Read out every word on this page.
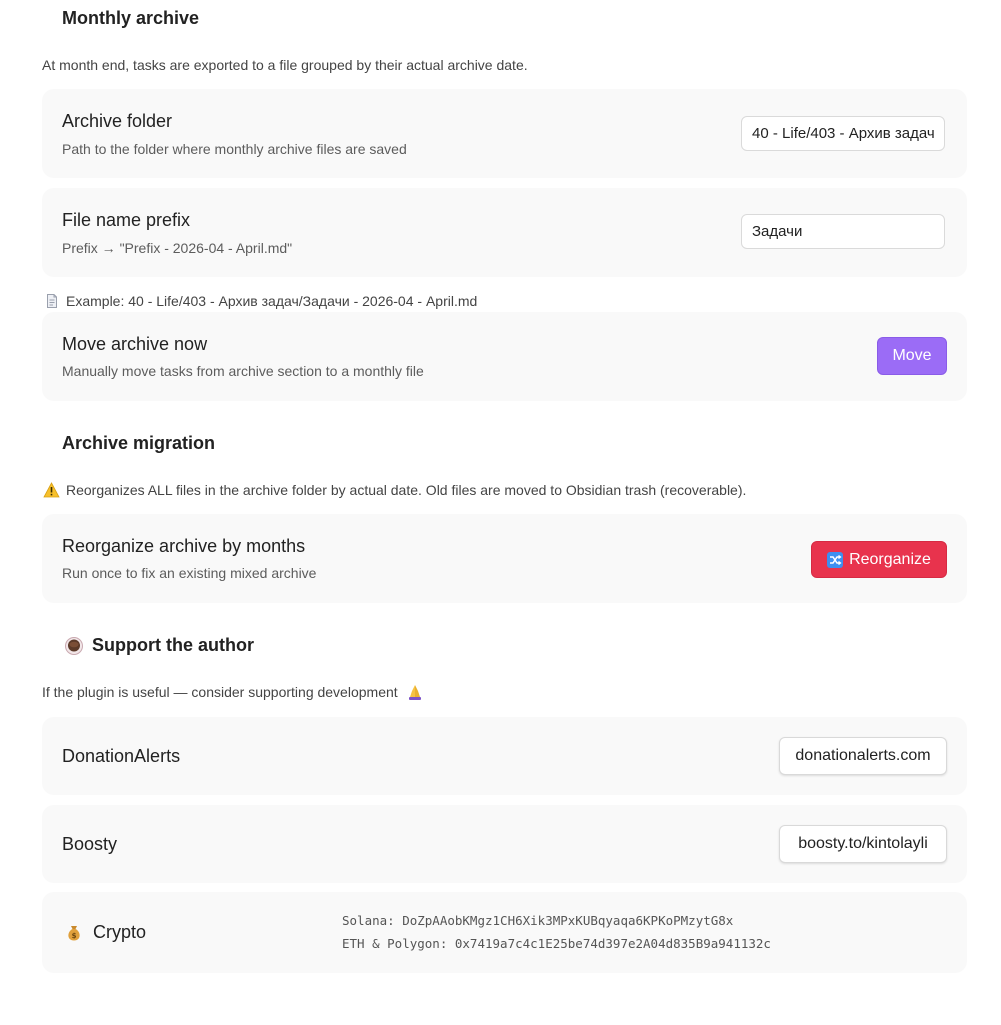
Monthly archive
At month end, tasks are exported to a file grouped by their actual archive date.
Archive folder
Path to the folder where monthly archive files are saved
40 - Life/403 - Архив задач
File name prefix
Prefix → "Prefix - 2026-04 - April.md"
Задачи
Example: 40 - Life/403 - Архив задач/Задачи - 2026-04 - April.md
Move archive now
Manually move tasks from archive section to a monthly file
Move
Archive migration
Reorganizes ALL files in the archive folder by actual date. Old files are moved to Obsidian trash (recoverable).
Reorganize archive by months
Run once to fix an existing mixed archive
Reorganize
Support the author
If the plugin is useful — consider supporting development
DonationAlerts	donationalerts.com
Boosty	boosty.to/kintolayli
$ Crypto
Solana: DoZpAAobKMgz1CH6Xik3MPxKUBqyaqa6KPKoPMzytG8x
ETH & Polygon: 0x7419a7c4c1E25be74d397e2A04d835B9a941132c
